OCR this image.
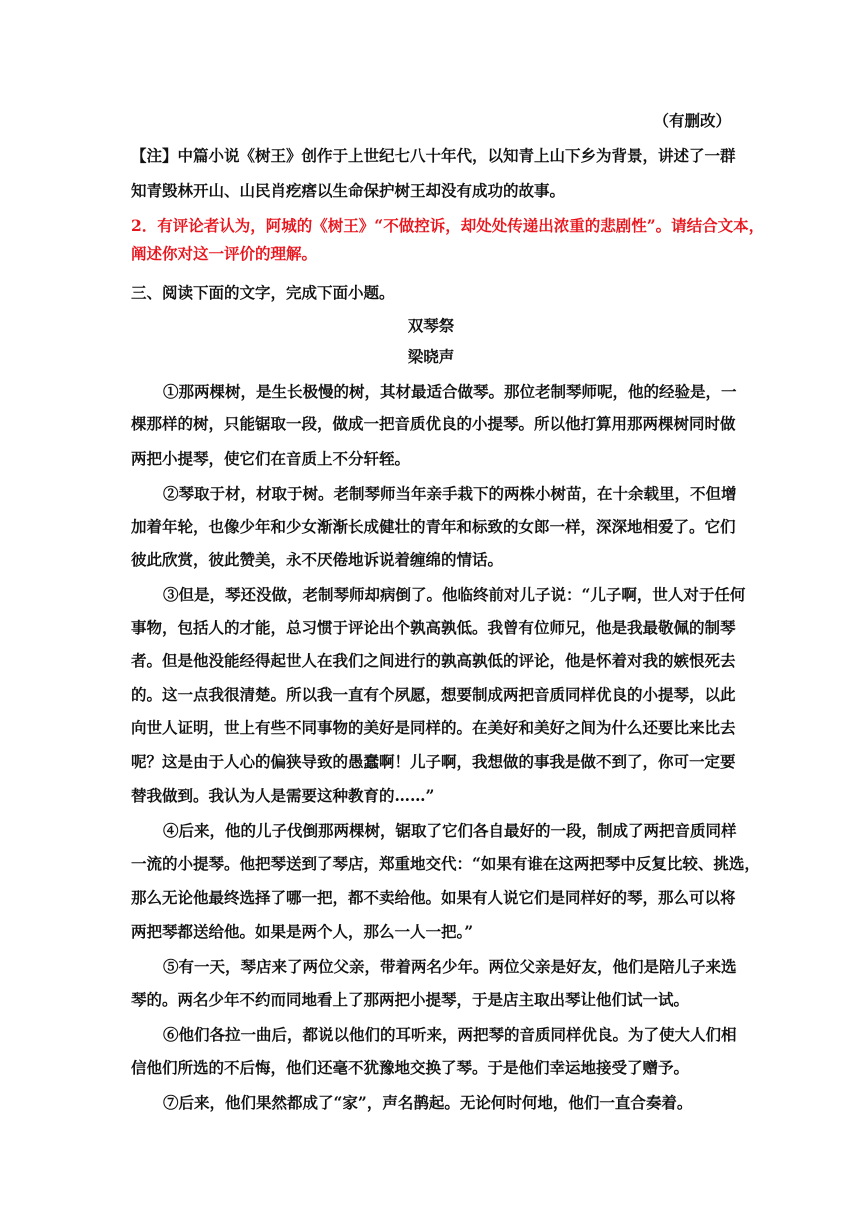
（有删改）
【注】中篇小说《树王》创作于上世纪七八十年代，以知青上山下乡为背景，讲述了一群
知青毁林开山、山民肖疙瘩以生命保护树王却没有成功的故事。
2．有评论者认为，阿城的《树王》“不做控诉，却处处传递出浓重的悲剧性”。请结合文本，
阐述你对这一评价的理解。
三、阅读下面的文字，完成下面小题。
双琴祭
梁晓声
①那两棵树，是生长极慢的树，其材最适合做琴。那位老制琴师呢，他的经验是，一
棵那样的树，只能锯取一段，做成一把音质优良的小提琴。所以他打算用那两棵树同时做
两把小提琴，使它们在音质上不分轩轾。
②琴取于材，材取于树。老制琴师当年亲手栽下的两株小树苗，在十余载里，不但增
加着年轮，也像少年和少女渐渐长成健壮的青年和标致的女郎一样，深深地相爱了。它们
彼此欣赏，彼此赞美，永不厌倦地诉说着缠绵的情话。
③但是，琴还没做，老制琴师却病倒了。他临终前对儿子说：“儿子啊，世人对于任何
事物，包括人的才能，总习惯于评论出个孰高孰低。我曾有位师兄，他是我最敬佩的制琴
者。但是他没能经得起世人在我们之间进行的孰高孰低的评论，他是怀着对我的嫉恨死去
的。这一点我很清楚。所以我一直有个夙愿，想要制成两把音质同样优良的小提琴，以此
向世人证明，世上有些不同事物的美好是同样的。在美好和美好之间为什么还要比来比去
呢？这是由于人心的偏狭导致的愚蠢啊！儿子啊，我想做的事我是做不到了，你可一定要
替我做到。我认为人是需要这种教育的……”
④后来，他的儿子伐倒那两棵树，锯取了它们各自最好的一段，制成了两把音质同样
一流的小提琴。他把琴送到了琴店，郑重地交代：“如果有谁在这两把琴中反复比较、挑选，
那么无论他最终选择了哪一把，都不卖给他。如果有人说它们是同样好的琴，那么可以将
两把琴都送给他。如果是两个人，那么一人一把。”
⑤有一天，琴店来了两位父亲，带着两名少年。两位父亲是好友，他们是陪儿子来选
琴的。两名少年不约而同地看上了那两把小提琴，于是店主取出琴让他们试一试。
⑥他们各拉一曲后，都说以他们的耳听来，两把琴的音质同样优良。为了使大人们相
信他们所选的不后悔，他们还毫不犹豫地交换了琴。于是他们幸运地接受了赠予。
⑦后来，他们果然都成了“家”，声名鹊起。无论何时何地，他们一直合奏着。
